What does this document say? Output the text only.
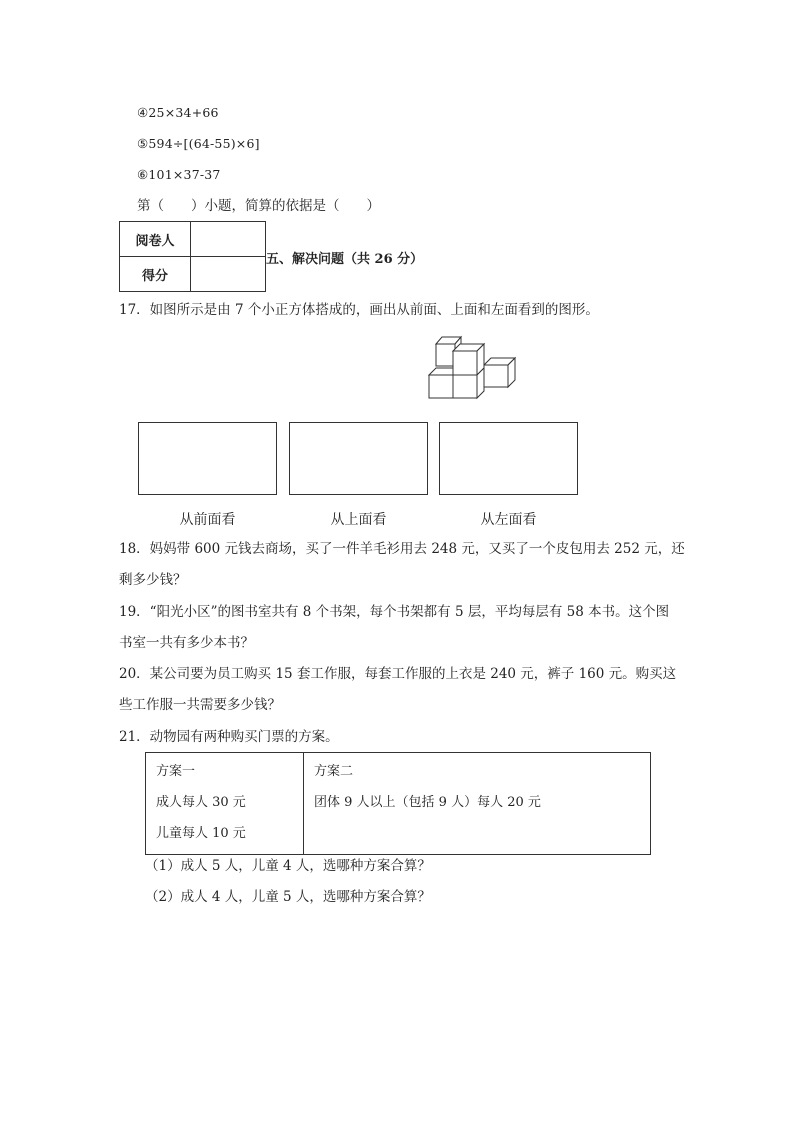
④25×34+66
⑤594÷[(64-55)×6]
⑥101×37-37
第（　　）小题，简算的依据是（　　）
阅卷人	
得分	
五、解决问题（共 26 分）
17．如图所示是由 7 个小正方体搭成的，画出从前面、上面和左面看到的图形。
从前面看	从上面看	从左面看
18．妈妈带 600 元钱去商场，买了一件羊毛衫用去 248 元，又买了一个皮包用去 252 元，还
剩多少钱？
19．“阳光小区”的图书室共有 8 个书架，每个书架都有 5 层，平均每层有 58 本书。这个图
书室一共有多少本书？
20．某公司要为员工购买 15 套工作服，每套工作服的上衣是 240 元，裤子 160 元。购买这
些工作服一共需要多少钱？
21．动物园有两种购买门票的方案。
方案一
成人每人 30 元
儿童每人 10 元

方案二
团体 9 人以上（包括 9 人）每人 20 元
（1）成人 5 人，儿童 4 人，选哪种方案合算？
（2）成人 4 人，儿童 5 人，选哪种方案合算？
